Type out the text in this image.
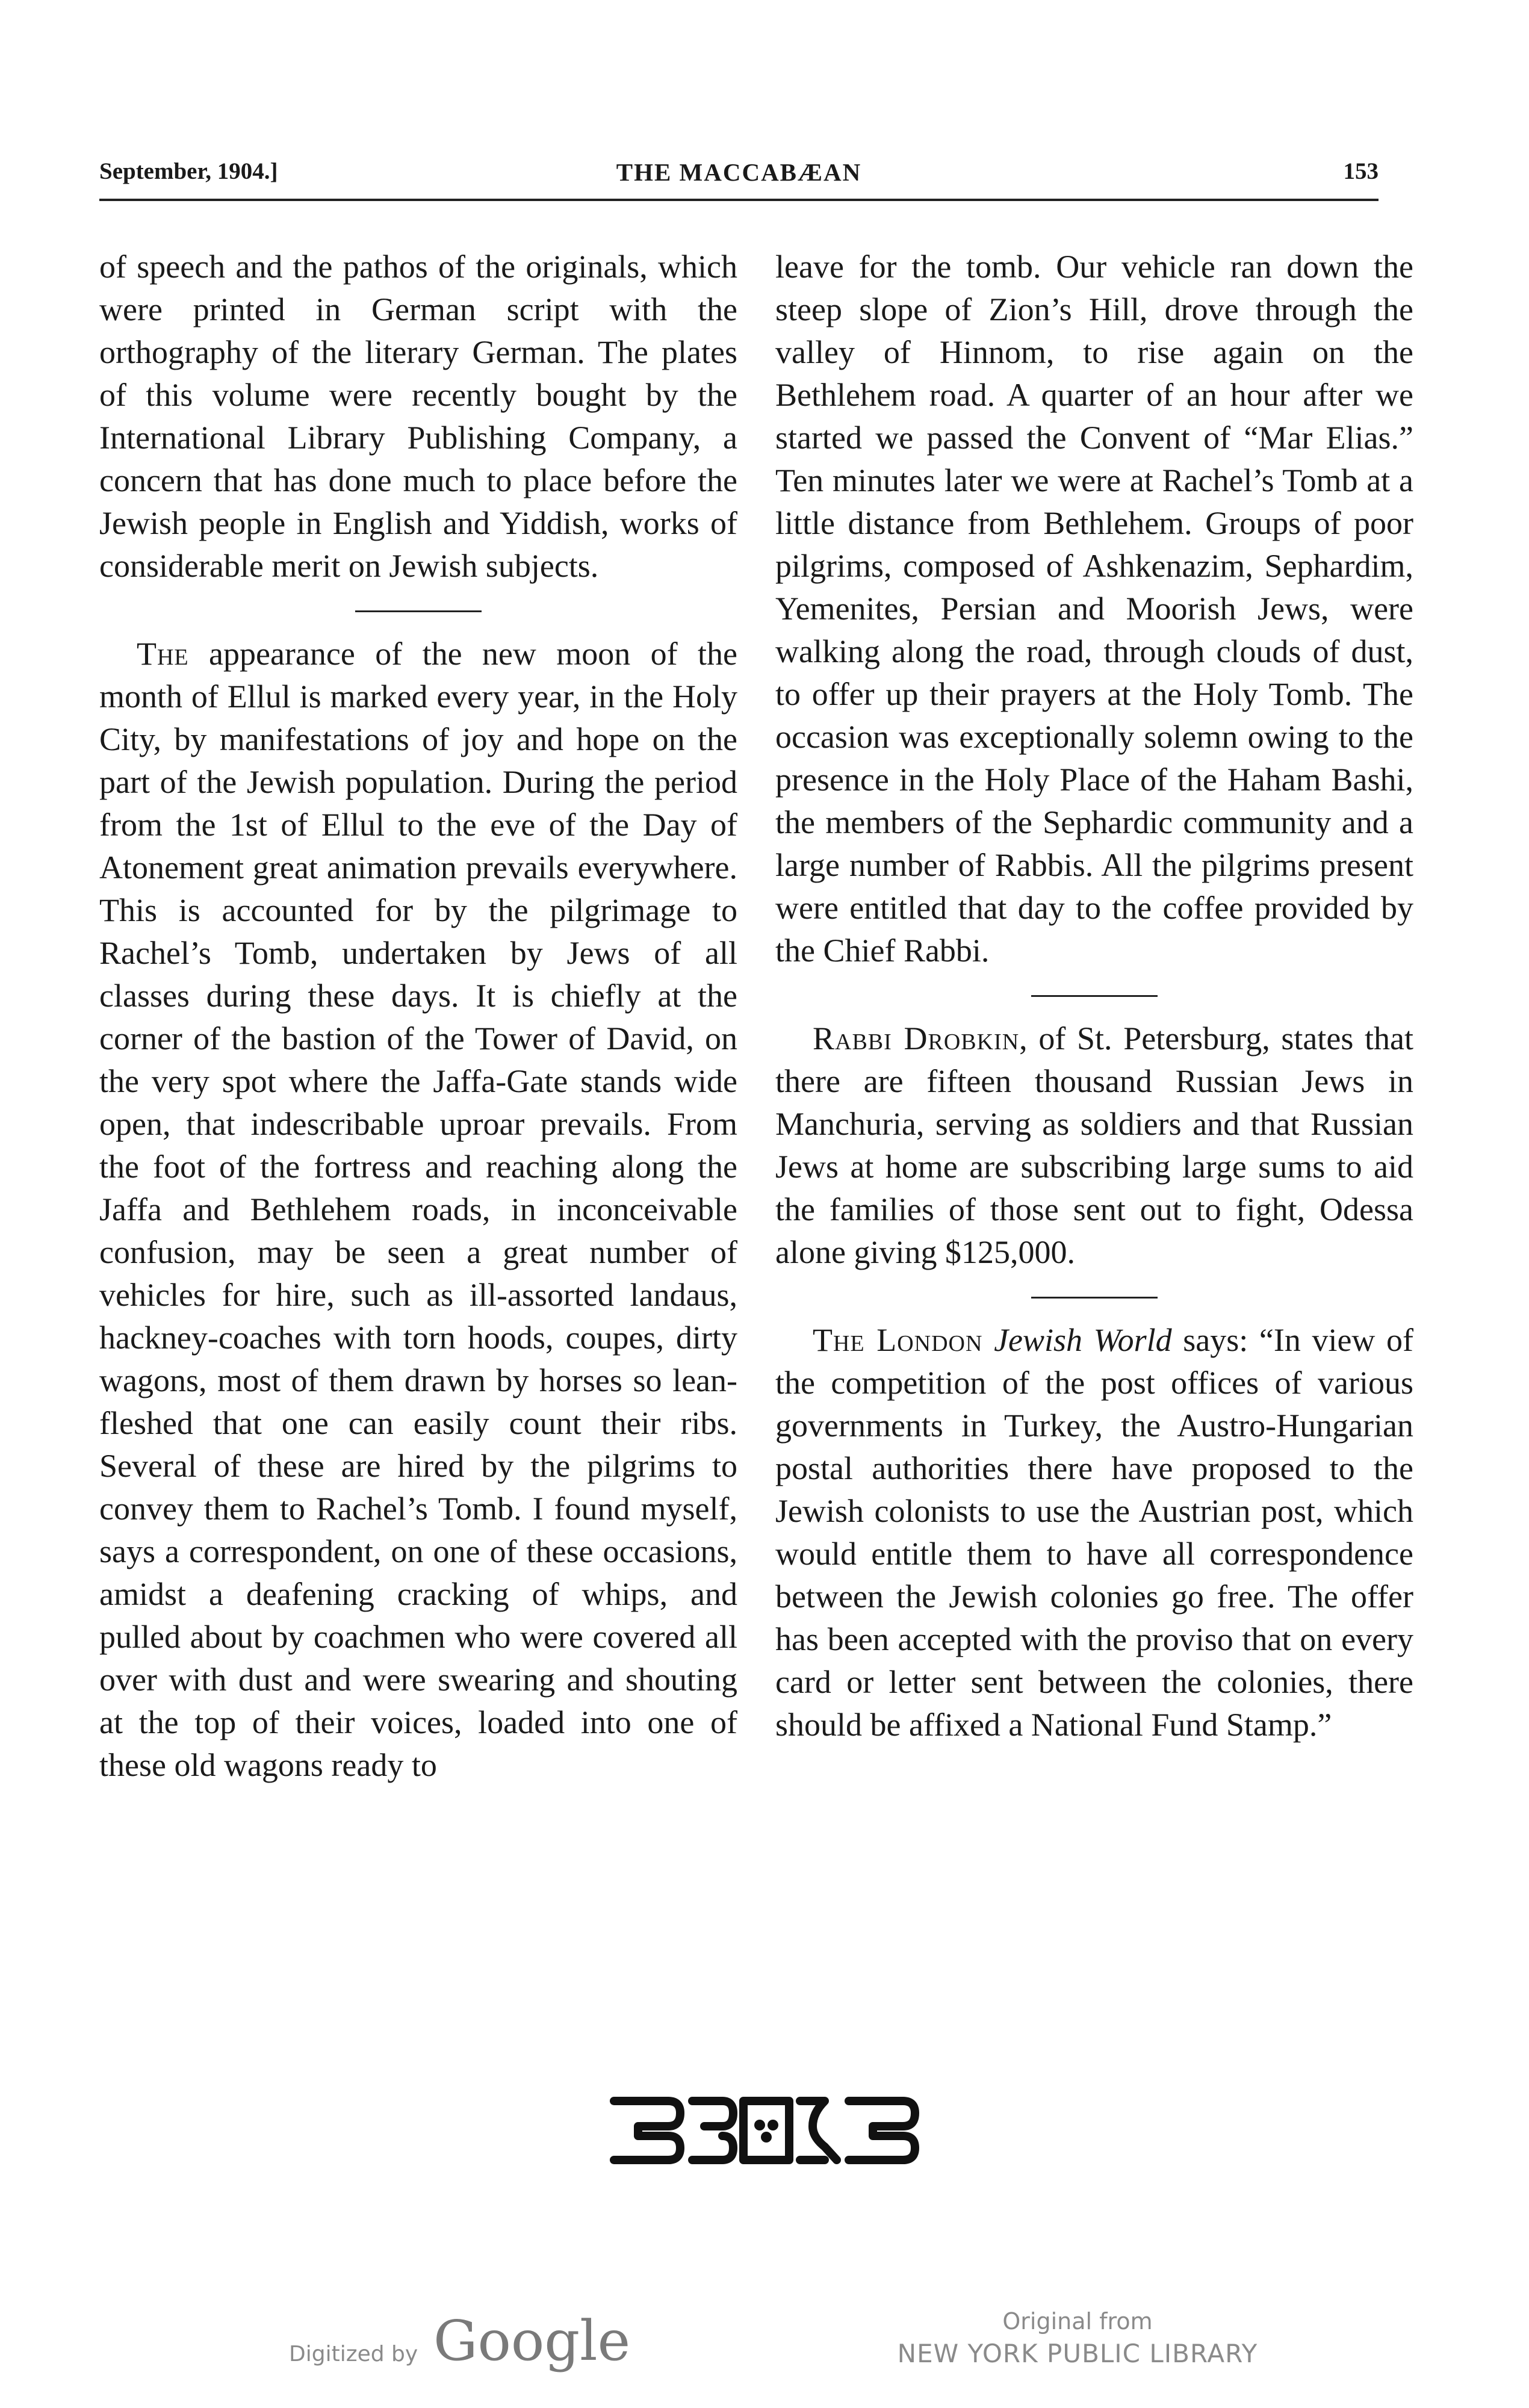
September, 1904.]	THE MACCABÆAN	153

of speech and the pathos of the originals, which were printed in German script with the orthography of the literary German. The plates of this volume were recently bought by the International Library Publishing Company, a concern that has done much to place before the Jewish people in English and Yiddish, works of considerable merit on Jewish subjects.

The appearance of the new moon of the month of Ellul is marked every year, in the Holy City, by manifestations of joy and hope on the part of the Jewish population. During the period from the 1st of Ellul to the eve of the Day of Atonement great animation prevails everywhere. This is accounted for by the pilgrimage to Rachel’s Tomb, undertaken by Jews of all classes during these days. It is chiefly at the corner of the bastion of the Tower of David, on the very spot where the Jaffa-Gate stands wide open, that indescribable uproar prevails. From the foot of the fortress and reaching along the Jaffa and Bethlehem roads, in inconceivable confusion, may be seen a great number of vehicles for hire, such as ill-assorted landaus, hackney-coaches with torn hoods, coupes, dirty wagons, most of them drawn by horses so lean-fleshed that one can easily count their ribs. Several of these are hired by the pilgrims to convey them to Rachel’s Tomb. I found myself, says a correspondent, on one of these occasions, amidst a deafening cracking of whips, and pulled about by coachmen who were covered all over with dust and were swearing and shouting at the top of their voices, loaded into one of these old wagons ready to

leave for the tomb. Our vehicle ran down the steep slope of Zion’s Hill, drove through the valley of Hinnom, to rise again on the Bethlehem road. A quarter of an hour after we started we passed the Convent of “Mar Elias.” Ten minutes later we were at Rachel’s Tomb at a little distance from Bethlehem. Groups of poor pilgrims, composed of Ashkenazim, Sephardim, Yemenites, Persian and Moorish Jews, were walking along the road, through clouds of dust, to offer up their prayers at the Holy Tomb. The occasion was exceptionally solemn owing to the presence in the Holy Place of the Haham Bashi, the members of the Sephardic community and a large number of Rabbis. All the pilgrims present were entitled that day to the coffee provided by the Chief Rabbi.

Rabbi Drobkin, of St. Petersburg, states that there are fifteen thousand Russian Jews in Manchuria, serving as soldiers and that Russian Jews at home are subscribing large sums to aid the families of those sent out to fight, Odessa alone giving $125,000.

The London Jewish World says: “In view of the competition of the post offices of various governments in Turkey, the Austro-Hungarian postal authorities there have proposed to the Jewish colonists to use the Austrian post, which would entitle them to have all correspondence between the Jewish colonies go free. The offer has been accepted with the proviso that on every card or letter sent between the colonies, there should be affixed a National Fund Stamp.”

Digitized by Google	Original from
NEW YORK PUBLIC LIBRARY
